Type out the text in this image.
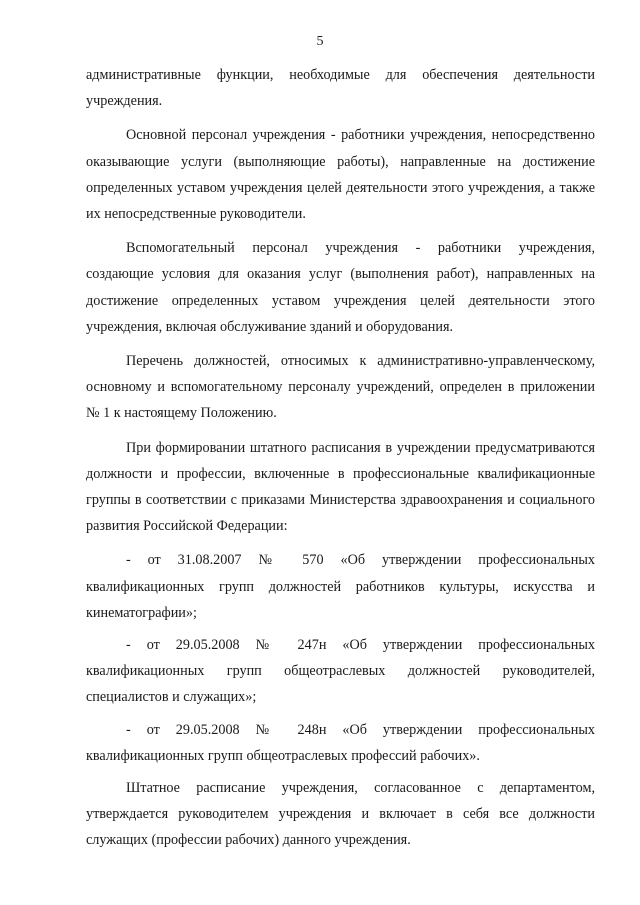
5

административные функции, необходимые для обеспечения деятельности учреждения.

Основной персонал учреждения - работники учреждения, непосредственно оказывающие услуги (выполняющие работы), направленные на достижение определенных уставом учреждения целей деятельности этого учреждения, а также их непосредственные руководители.

Вспомогательный персонал учреждения - работники учреждения, создающие условия для оказания услуг (выполнения работ), направленных на достижение определенных уставом учреждения целей деятельности этого учреждения, включая обслуживание зданий и оборудования.

Перечень должностей, относимых к административно-управленческому, основному и вспомогательному персоналу учреждений, определен в приложении № 1 к настоящему Положению.

При формировании штатного расписания в учреждении предусматриваются должности и профессии, включенные в профессиональные квалификационные группы в соответствии с приказами Министерства здравоохранения и социального развития Российской Федерации:

- от 31.08.2007 № 570 «Об утверждении профессиональных квалификационных групп должностей работников культуры, искусства и кинематографии»;

- от 29.05.2008 № 247н «Об утверждении профессиональных квалификационных групп общеотраслевых должностей руководителей, специалистов и служащих»;

- от 29.05.2008 № 248н «Об утверждении профессиональных квалификационных групп общеотраслевых профессий рабочих».

Штатное расписание учреждения, согласованное с департаментом, утверждается руководителем учреждения и включает в себя все должности служащих (профессии рабочих) данного учреждения.
